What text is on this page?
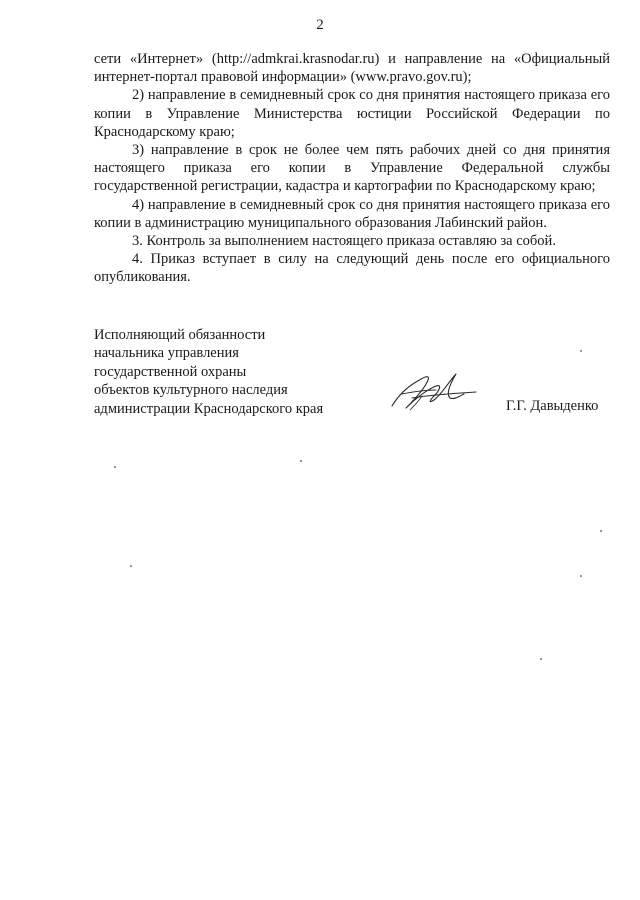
2

сети «Интернет» (http://admkrai.krasnodar.ru) и направление на «Официальный интернет-портал правовой информации» (www.pravo.gov.ru);

2) направление в семидневный срок со дня принятия настоящего приказа его копии в Управление Министерства юстиции Российской Федерации по Краснодарскому краю;

3) направление в срок не более чем пять рабочих дней со дня принятия настоящего приказа его копии в Управление Федеральной службы государственной регистрации, кадастра и картографии по Краснодарскому краю;

4) направление в семидневный срок со дня принятия настоящего приказа его копии в администрацию муниципального образования Лабинский район.

3. Контроль за выполнением настоящего приказа оставляю за собой.

4. Приказ вступает в силу на следующий день после его официального опубликования.

Исполняющий обязанности
начальника управления
государственной охраны
объектов культурного наследия
администрации Краснодарского края	Г.Г. Давыденко
